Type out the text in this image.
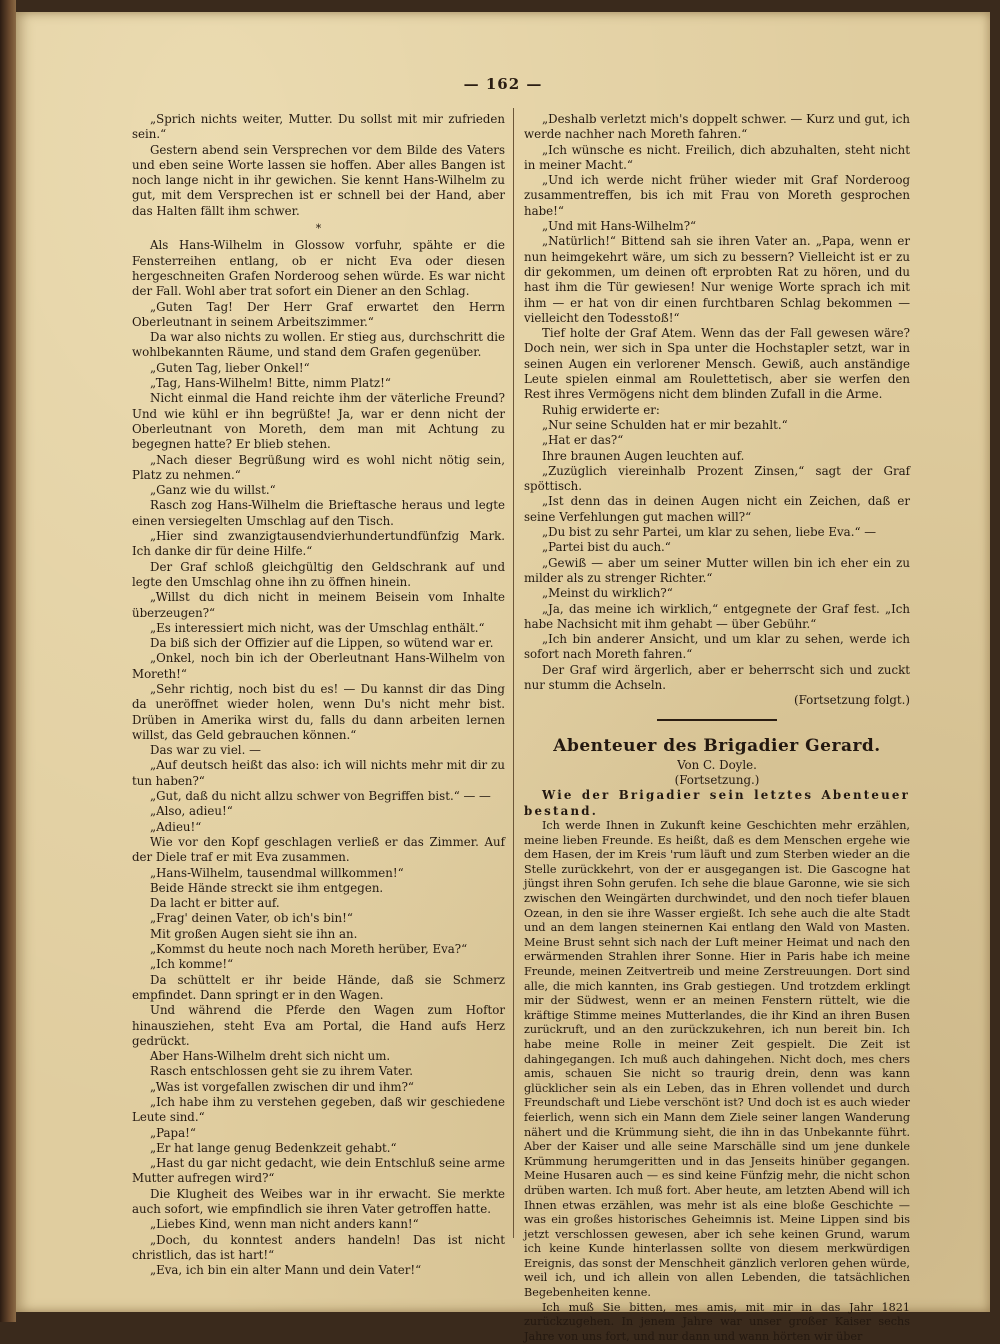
— 162 —

„Sprich nichts weiter, Mutter. Du sollst mit mir zufrieden sein.“

Gestern abend sein Versprechen vor dem Bilde des Vaters und eben seine Worte lassen sie hoffen. Aber alles Bangen ist noch lange nicht in ihr gewichen. Sie kennt Hans-Wilhelm zu gut, mit dem Versprechen ist er schnell bei der Hand, aber das Halten fällt ihm schwer.

*

Als Hans-Wilhelm in Glossow vorfuhr, spähte er die Fensterreihen entlang, ob er nicht Eva oder diesen hergeschneiten Grafen Norderoog sehen würde. Es war nicht der Fall. Wohl aber trat sofort ein Diener an den Schlag.

„Guten Tag! Der Herr Graf erwartet den Herrn Oberleutnant in seinem Arbeitszimmer.“

Da war also nichts zu wollen. Er stieg aus, durchschritt die wohlbekannten Räume, und stand dem Grafen gegenüber.

„Guten Tag, lieber Onkel!“

„Tag, Hans-Wilhelm! Bitte, nimm Platz!“

Nicht einmal die Hand reichte ihm der väterliche Freund? Und wie kühl er ihn begrüßte! Ja, war er denn nicht der Oberleutnant von Moreth, dem man mit Achtung zu begegnen hatte? Er blieb stehen.

„Nach dieser Begrüßung wird es wohl nicht nötig sein, Platz zu nehmen.“

„Ganz wie du willst.“

Rasch zog Hans-Wilhelm die Brieftasche heraus und legte einen versiegelten Umschlag auf den Tisch.

„Hier sind zwanzigtausendvierhundertundfünfzig Mark. Ich danke dir für deine Hilfe.“

Der Graf schloß gleichgültig den Geldschrank auf und legte den Umschlag ohne ihn zu öffnen hinein.

„Willst du dich nicht in meinem Beisein vom Inhalte überzeugen?“

„Es interessiert mich nicht, was der Umschlag enthält.“

Da biß sich der Offizier auf die Lippen, so wütend war er.

„Onkel, noch bin ich der Oberleutnant Hans-Wilhelm von Moreth!“

„Sehr richtig, noch bist du es! — Du kannst dir das Ding da uneröffnet wieder holen, wenn Du's nicht mehr bist. Drüben in Amerika wirst du, falls du dann arbeiten lernen willst, das Geld gebrauchen können.“

Das war zu viel. —

„Auf deutsch heißt das also: ich will nichts mehr mit dir zu tun haben?“

„Gut, daß du nicht allzu schwer von Begriffen bist.“ — —

„Also, adieu!“

„Adieu!“

Wie vor den Kopf geschlagen verließ er das Zimmer. Auf der Diele traf er mit Eva zusammen.

„Hans-Wilhelm, tausendmal willkommen!“

Beide Hände streckt sie ihm entgegen.

Da lacht er bitter auf.

„Frag' deinen Vater, ob ich's bin!“

Mit großen Augen sieht sie ihn an.

„Kommst du heute noch nach Moreth herüber, Eva?“

„Ich komme!“

Da schüttelt er ihr beide Hände, daß sie Schmerz empfindet. Dann springt er in den Wagen.

Und während die Pferde den Wagen zum Hoftor hinausziehen, steht Eva am Portal, die Hand aufs Herz gedrückt.

Aber Hans-Wilhelm dreht sich nicht um.

Rasch entschlossen geht sie zu ihrem Vater.

„Was ist vorgefallen zwischen dir und ihm?“

„Ich habe ihm zu verstehen gegeben, daß wir geschiedene Leute sind.“

„Papa!“

„Er hat lange genug Bedenkzeit gehabt.“

„Hast du gar nicht gedacht, wie dein Entschluß seine arme Mutter aufregen wird?“

Die Klugheit des Weibes war in ihr erwacht. Sie merkte auch sofort, wie empfindlich sie ihren Vater getroffen hatte.

„Liebes Kind, wenn man nicht anders kann!“

„Doch, du konntest anders handeln! Das ist nicht christlich, das ist hart!“

„Eva, ich bin ein alter Mann und dein Vater!“

„Deshalb verletzt mich's doppelt schwer. — Kurz und gut, ich werde nachher nach Moreth fahren.“

„Ich wünsche es nicht. Freilich, dich abzuhalten, steht nicht in meiner Macht.“

„Und ich werde nicht früher wieder mit Graf Norderoog zusammentreffen, bis ich mit Frau von Moreth gesprochen habe!“

„Und mit Hans-Wilhelm?“

„Natürlich!“ Bittend sah sie ihren Vater an. „Papa, wenn er nun heimgekehrt wäre, um sich zu bessern? Vielleicht ist er zu dir gekommen, um deinen oft erprobten Rat zu hören, und du hast ihm die Tür gewiesen! Nur wenige Worte sprach ich mit ihm — er hat von dir einen furchtbaren Schlag bekommen — vielleicht den Todesstoß!“

Tief holte der Graf Atem. Wenn das der Fall gewesen wäre? Doch nein, wer sich in Spa unter die Hochstapler setzt, war in seinen Augen ein verlorener Mensch. Gewiß, auch anständige Leute spielen einmal am Roulettetisch, aber sie werfen den Rest ihres Vermögens nicht dem blinden Zufall in die Arme.

Ruhig erwiderte er:

„Nur seine Schulden hat er mir bezahlt.“

„Hat er das?“

Ihre braunen Augen leuchten auf.

„Zuzüglich viereinhalb Prozent Zinsen,“ sagt der Graf spöttisch.

„Ist denn das in deinen Augen nicht ein Zeichen, daß er seine Verfehlungen gut machen will?“

„Du bist zu sehr Partei, um klar zu sehen, liebe Eva.“ —

„Partei bist du auch.“

„Gewiß — aber um seiner Mutter willen bin ich eher ein zu milder als zu strenger Richter.“

„Meinst du wirklich?“

„Ja, das meine ich wirklich,“ entgegnete der Graf fest. „Ich habe Nachsicht mit ihm gehabt — über Gebühr.“

„Ich bin anderer Ansicht, und um klar zu sehen, werde ich sofort nach Moreth fahren.“

Der Graf wird ärgerlich, aber er beherrscht sich und zuckt nur stumm die Achseln.

(Fortsetzung folgt.)

Abenteuer des Brigadier Gerard.

Von C. Doyle.

(Fortsetzung.)

Wie der Brigadier sein letztes Abenteuer bestand.

Ich werde Ihnen in Zukunft keine Geschichten mehr erzählen, meine lieben Freunde. Es heißt, daß es dem Menschen ergehe wie dem Hasen, der im Kreis 'rum läuft und zum Sterben wieder an die Stelle zurückkehrt, von der er ausgegangen ist. Die Gascogne hat jüngst ihren Sohn gerufen. Ich sehe die blaue Garonne, wie sie sich zwischen den Weingärten durchwindet, und den noch tiefer blauen Ozean, in den sie ihre Wasser ergießt. Ich sehe auch die alte Stadt und an dem langen steinernen Kai entlang den Wald von Masten. Meine Brust sehnt sich nach der Luft meiner Heimat und nach den erwärmenden Strahlen ihrer Sonne. Hier in Paris habe ich meine Freunde, meinen Zeitvertreib und meine Zerstreuungen. Dort sind alle, die mich kannten, ins Grab gestiegen. Und trotzdem erklingt mir der Südwest, wenn er an meinen Fenstern rüttelt, wie die kräftige Stimme meines Mutterlandes, die ihr Kind an ihren Busen zurückruft, und an den zurückzukehren, ich nun bereit bin. Ich habe meine Rolle in meiner Zeit gespielt. Die Zeit ist dahingegangen. Ich muß auch dahingehen. Nicht doch, mes chers amis, schauen Sie nicht so traurig drein, denn was kann glücklicher sein als ein Leben, das in Ehren vollendet und durch Freundschaft und Liebe verschönt ist? Und doch ist es auch wieder feierlich, wenn sich ein Mann dem Ziele seiner langen Wanderung nähert und die Krümmung sieht, die ihn in das Unbekannte führt. Aber der Kaiser und alle seine Marschälle sind um jene dunkele Krümmung herumgeritten und in das Jenseits hinüber gegangen. Meine Husaren auch — es sind keine Fünfzig mehr, die nicht schon drüben warten. Ich muß fort. Aber heute, am letzten Abend will ich Ihnen etwas erzählen, was mehr ist als eine bloße Geschichte — was ein großes historisches Geheimnis ist. Meine Lippen sind bis jetzt verschlossen gewesen, aber ich sehe keinen Grund, warum ich keine Kunde hinterlassen sollte von diesem merkwürdigen Ereignis, das sonst der Menschheit gänzlich verloren gehen würde, weil ich, und ich allein von allen Lebenden, die tatsächlichen Begebenheiten kenne.

Ich muß Sie bitten, mes amis, mit mir in das Jahr 1821 zurückzugehen. In jenem Jahre war unser großer Kaiser sechs Jahre von uns fort, und nur dann und wann hörten wir über
